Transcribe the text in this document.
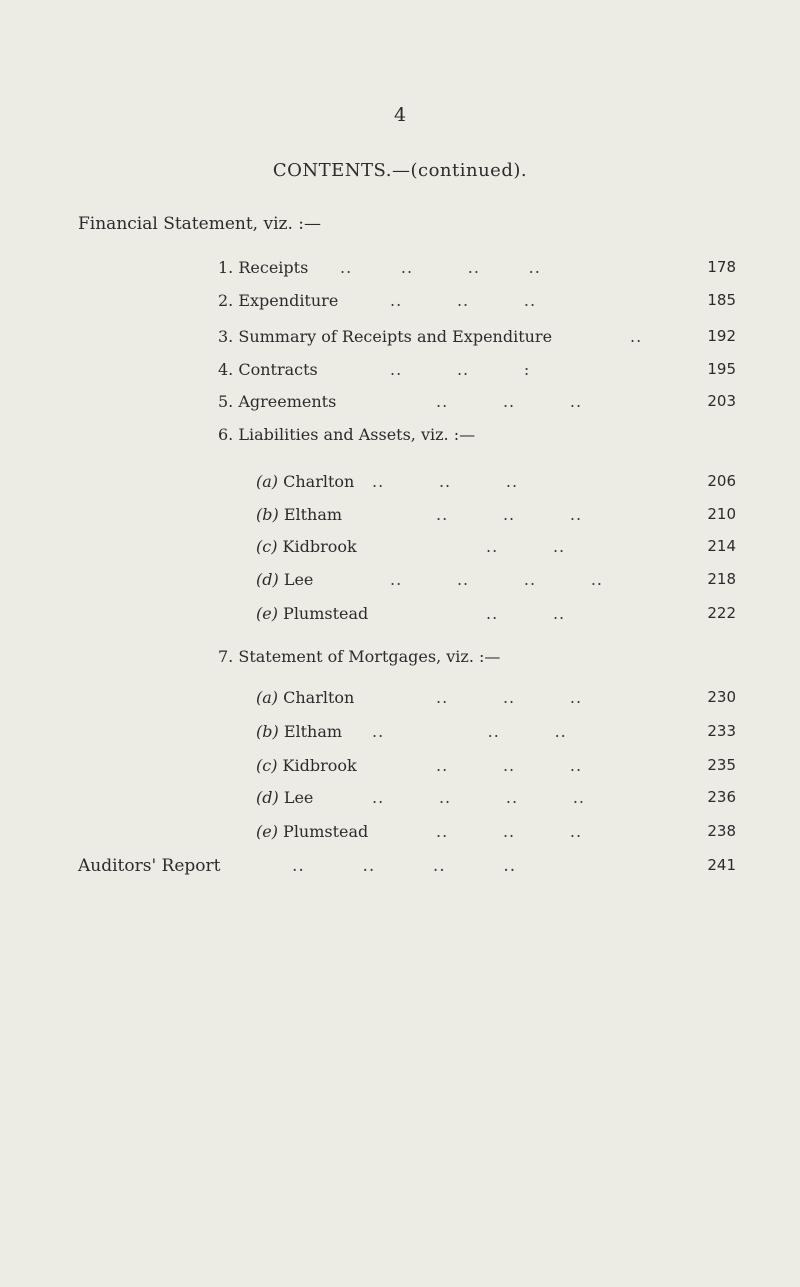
4
CONTENTS.—(continued).
Financial Statement, viz. :—
1. Receipts ..        ..         ..        ..	178
2. Expenditure	..         ..         ..	185
3. Summary of Receipts and Expenditure	..	192
4. Contracts	..         ..         :	195
5. Agreements	..         ..         ..	203
6. Liabilities and Assets, viz. :—
(a) Charlton ..         ..         ..	206
(b) Eltham	..         ..         ..	210
(c) Kidbrook	..         ..	214
(d) Lee	..         ..         ..         ..	218
(e) Plumstead	..         ..	222
7. Statement of Mortgages, viz. :—
(a) Charlton	..         ..         ..	230
(b) Eltham ..                 ..         ..	233
(c) Kidbrook	..         ..         ..	235
(d) Lee	..         ..         ..         ..	236
(e) Plumstead	..         ..         ..	238
Auditors' Report	..         ..         ..         ..	241
